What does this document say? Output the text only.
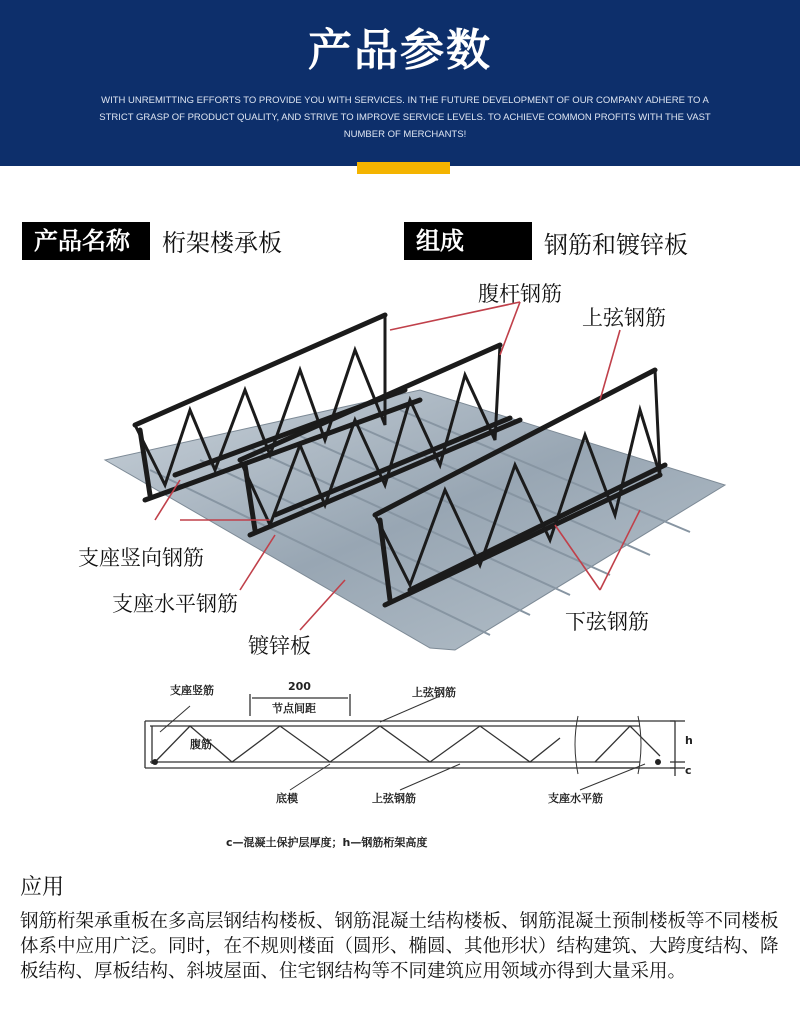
产品参数
WITH UNREMITTING EFFORTS TO PROVIDE YOU WITH SERVICES. IN THE FUTURE DEVELOPMENT OF OUR COMPANY ADHERE TO A STRICT GRASP OF PRODUCT QUALITY, AND STRIVE TO IMPROVE SERVICE LEVELS. TO ACHIEVE COMMON PROFITS WITH THE VAST NUMBER OF MERCHANTS!
产品名称	桁架楼承板	组成	钢筋和镀锌板
腹杆钢筋
上弦钢筋
支座竖向钢筋
支座水平钢筋
镀锌板
下弦钢筋
支座竖筋	200
节点间距
上弦钢筋
腹筋	h
c
底模	上弦钢筋	支座水平筋
c—混凝土保护层厚度；h—钢筋桁架高度
应用
钢筋桁架承重板在多高层钢结构楼板、钢筋混凝土结构楼板、钢筋混凝土预制楼板等不同楼板体系中应用广泛。同时，在不规则楼面（圆形、椭圆、其他形状）结构建筑、大跨度结构、降板结构、厚板结构、斜坡屋面、住宅钢结构等不同建筑应用领域亦得到大量采用。
